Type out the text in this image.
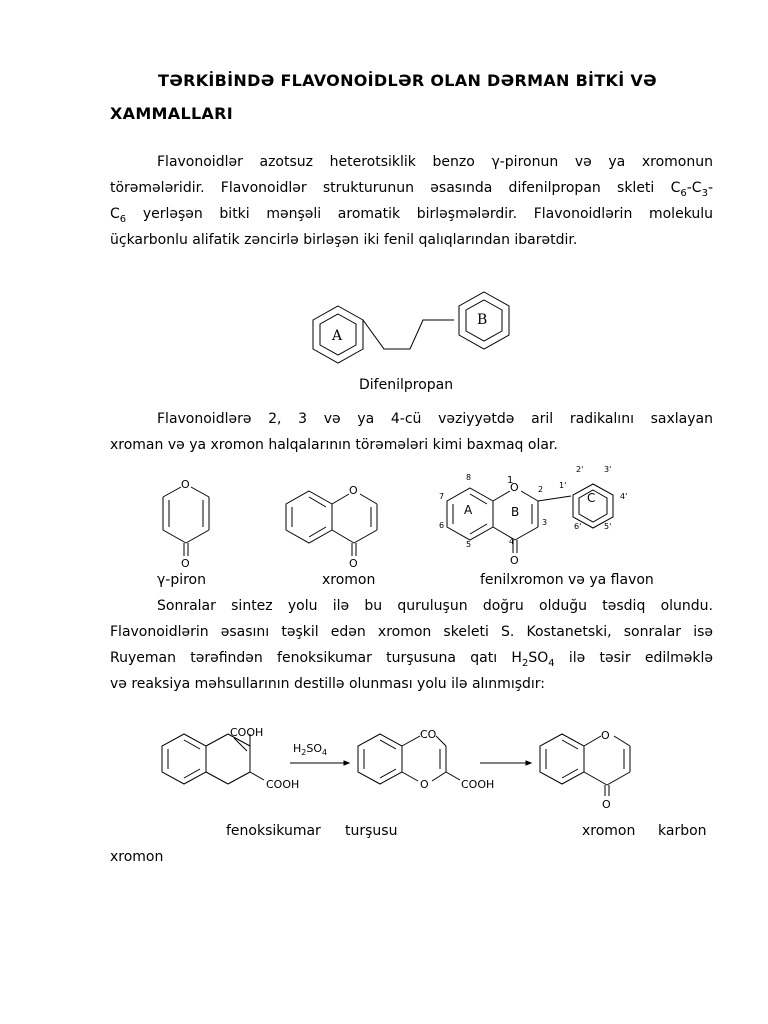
TƏRKİBİNDƏ FLAVONOİDLƏR OLAN DƏRMAN BİTKİ VƏ XAMMALLARI
Flavonoidlər azotsuz heterotsiklik benzo γ-pironun və ya xromonun
törəmələridir. Flavonoidlər strukturunun əsasında difenilpropan skleti $C_6-C_3-$
$C_6$ yerləşən bitki mənşəli aromatik birləşmələrdir. Flavonoidlərin molekulu
üçkarbonlu alifatik zəncirlə birləşən iki fenil qalıqlarından ibarətdir.
A
B
Difenilpropan
Flavonoidlərə 2, 3 və ya 4-cü vəziyyətdə aril radikalını saxlayan
xroman və ya xromon halqalarının törəmələri kimi baxmaq olar.
O
O
O
O
O
O
A	B
C
1
2
3
4
5
6
7
8
1'
2'	3'
4'
5'
6'
γ-piron	xromon	fenilxromon və ya flavon
Sonralar sintez yolu ilə bu quruluşun doğru olduğu təsdiq olundu.
Flavonoidlərin əsasını təşkil edən xromon skeleti S. Kostanetski, sonralar isə
Ruyeman tərəfindən fenoksikumar turşusuna qatı $H_2SO_4$ ilə təsir edilməklə
və reaksiya məhsullarının destillə olunması yolu ilə alınmışdır:
COOH
COOH
$H_2SO_4$
CO
O	COOH
O
O
fenoksikumar turşusu	xromon karbon
xromon
